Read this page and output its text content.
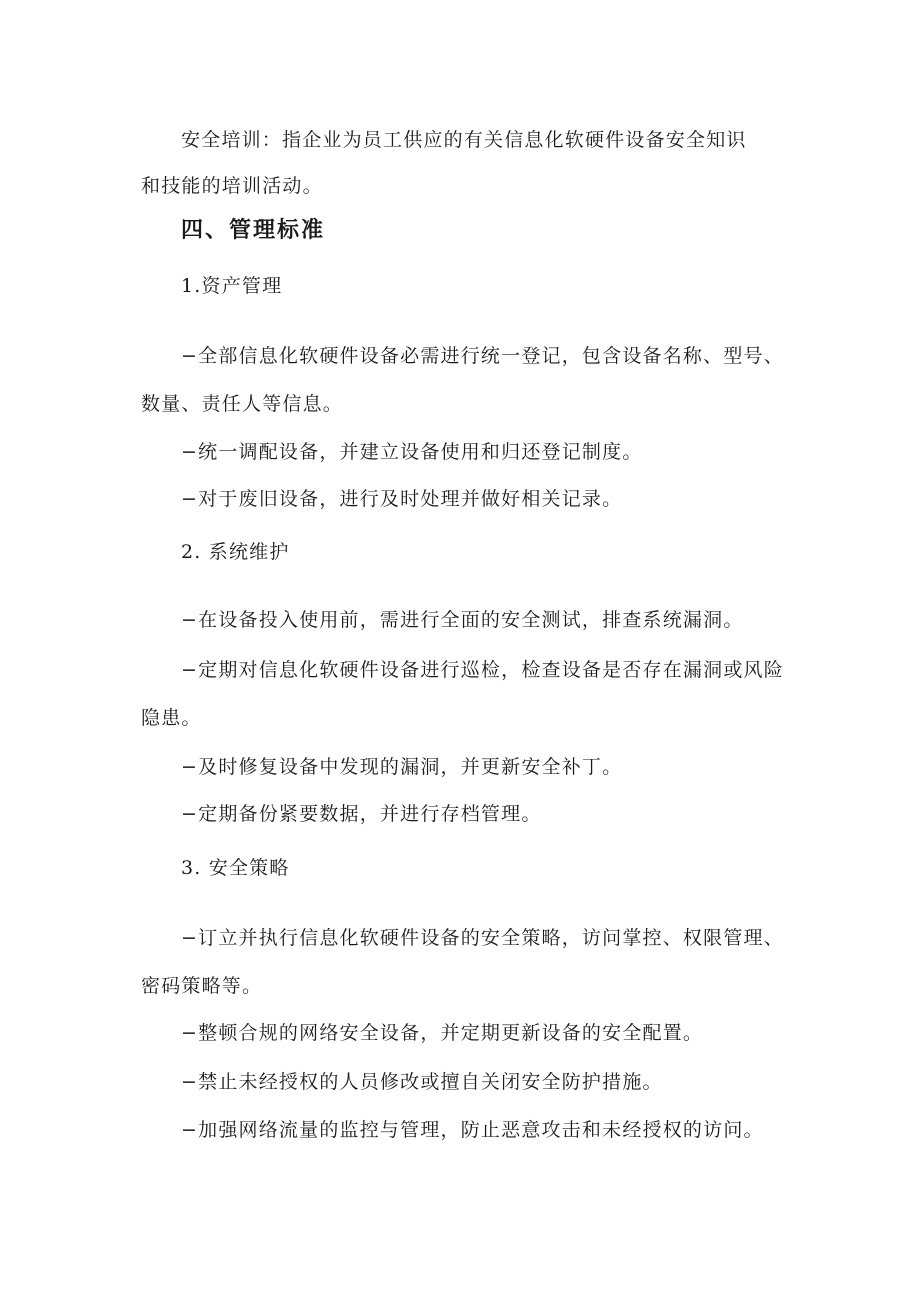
安全培训：指企业为员工供应的有关信息化软硬件设备安全知识
和技能的培训活动。
四、管理标准
1.资产管理
−全部信息化软硬件设备必需进行统一登记，包含设备名称、型号、
数量、责任人等信息。
−统一调配设备，并建立设备使用和归还登记制度。
−对于废旧设备，进行及时处理并做好相关记录。
2. 系统维护
−在设备投入使用前，需进行全面的安全测试，排查系统漏洞。
−定期对信息化软硬件设备进行巡检，检查设备是否存在漏洞或风险
隐患。
−及时修复设备中发现的漏洞，并更新安全补丁。
−定期备份紧要数据，并进行存档管理。
3. 安全策略
−订立并执行信息化软硬件设备的安全策略，访问掌控、权限管理、
密码策略等。
−整顿合规的网络安全设备，并定期更新设备的安全配置。
−禁止未经授权的人员修改或擅自关闭安全防护措施。
−加强网络流量的监控与管理，防止恶意攻击和未经授权的访问。
